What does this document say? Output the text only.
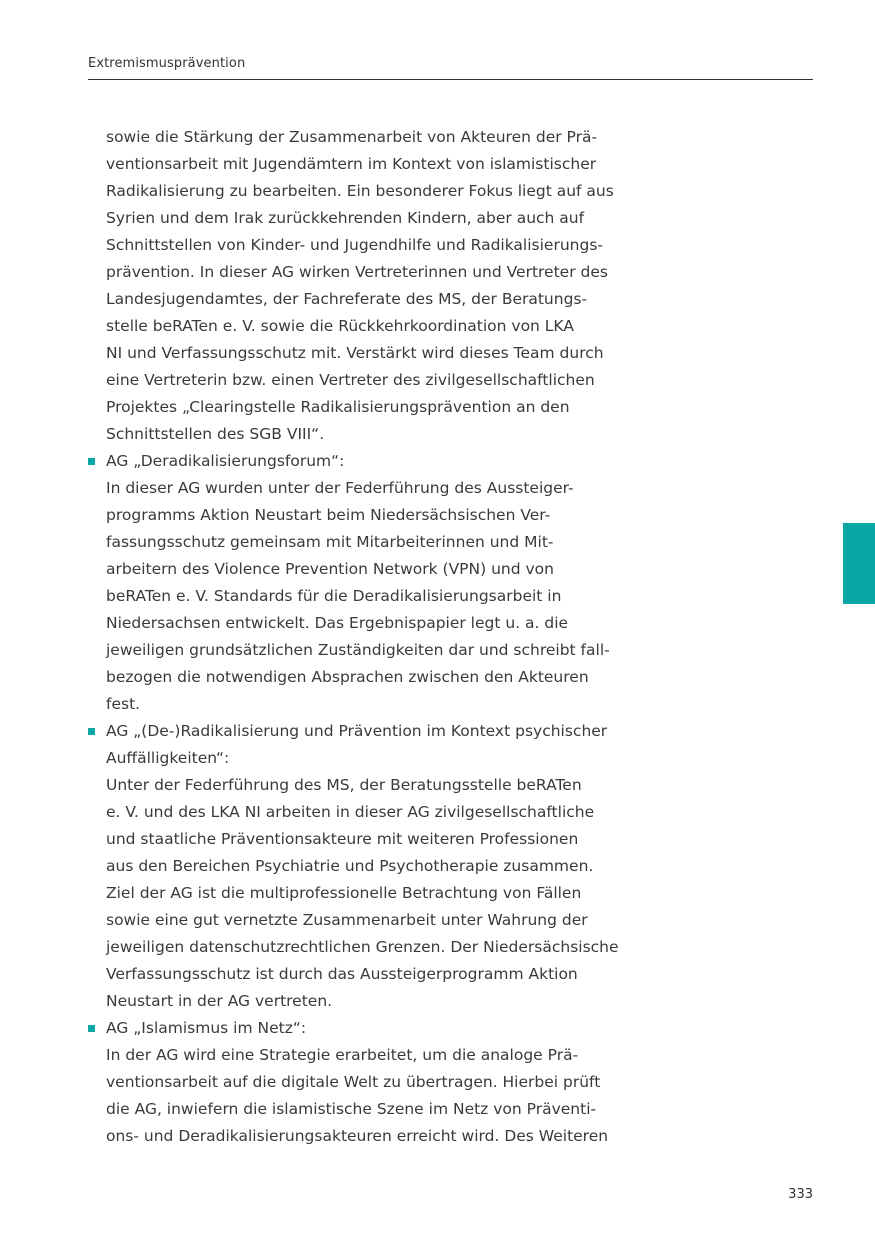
Extremismusprävention
sowie die Stärkung der Zusammenarbeit von Akteuren der Prä-
ventionsarbeit mit Jugendämtern im Kontext von islamistischer
Radikalisierung zu bearbeiten. Ein besonderer Fokus liegt auf aus
Syrien und dem Irak zurückkehrenden Kindern, aber auch auf
Schnittstellen von Kinder- und Jugendhilfe und Radikalisierungs-
prävention. In dieser AG wirken Vertreterinnen und Vertreter des
Landesjugendamtes, der Fachreferate des MS, der Beratungs-
stelle beRATen e. V. sowie die Rückkehrkoordination von LKA
NI und Verfassungsschutz mit. Verstärkt wird dieses Team durch
eine Vertreterin bzw. einen Vertreter des zivilgesellschaftlichen
Projektes „Clearingstelle Radikalisierungsprävention an den
Schnittstellen des SGB VIII“.
AG „Deradikalisierungsforum“:
In dieser AG wurden unter der Federführung des Aussteiger-
programms Aktion Neustart beim Niedersächsischen Ver-
fassungsschutz gemeinsam mit Mitarbeiterinnen und Mit-
arbeitern des Violence Prevention Network (VPN) und von
beRATen e. V. Standards für die Deradikalisierungsarbeit in
Niedersachsen entwickelt. Das Ergebnispapier legt u. a. die
jeweiligen grundsätzlichen Zuständigkeiten dar und schreibt fall-
bezogen die notwendigen Absprachen zwischen den Akteuren
fest.
AG „(De-)Radikalisierung und Prävention im Kontext psychischer
Auffälligkeiten“:
Unter der Federführung des MS, der Beratungsstelle beRATen
e. V. und des LKA NI arbeiten in dieser AG zivilgesellschaftliche
und staatliche Präventionsakteure mit weiteren Professionen
aus den Bereichen Psychiatrie und Psychotherapie zusammen.
Ziel der AG ist die multiprofessionelle Betrachtung von Fällen
sowie eine gut vernetzte Zusammenarbeit unter Wahrung der
jeweiligen datenschutzrechtlichen Grenzen. Der Niedersächsische
Verfassungsschutz ist durch das Aussteigerprogramm Aktion
Neustart in der AG vertreten.
AG „Islamismus im Netz“:
In der AG wird eine Strategie erarbeitet, um die analoge Prä-
ventionsarbeit auf die digitale Welt zu übertragen. Hierbei prüft
die AG, inwiefern die islamistische Szene im Netz von Präventi-
ons- und Deradikalisierungsakteuren erreicht wird. Des Weiteren
333
